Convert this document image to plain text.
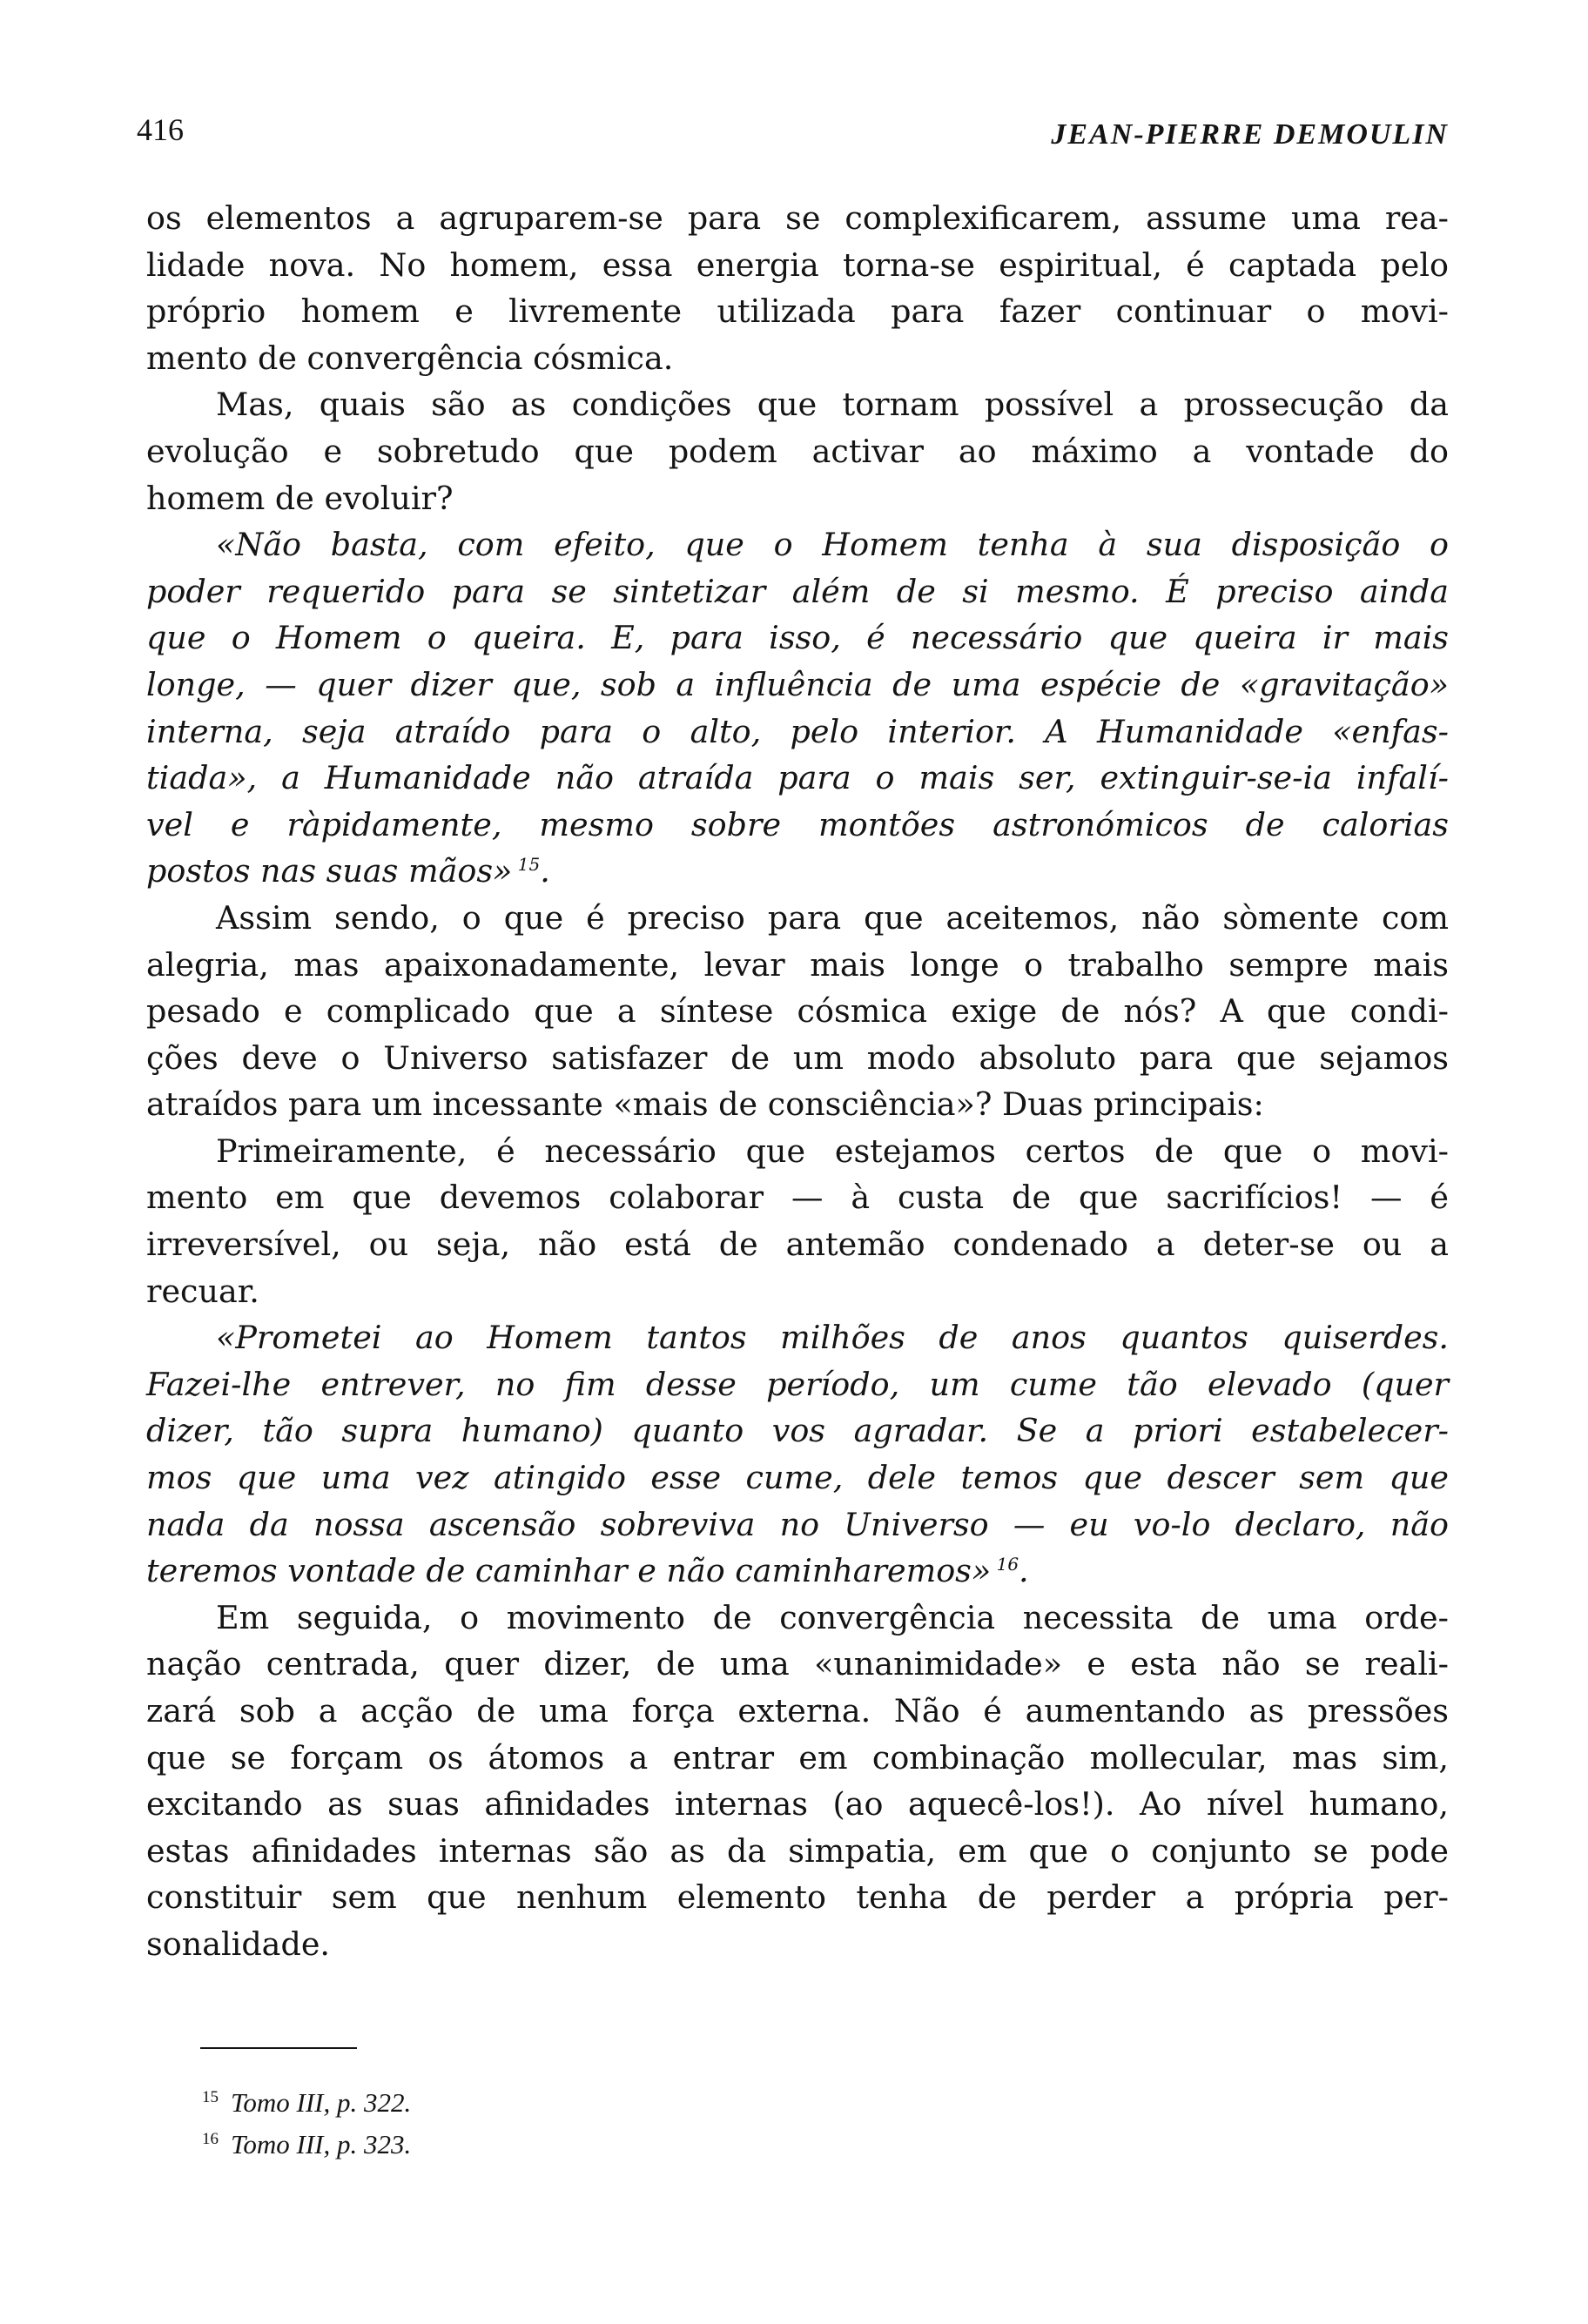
416	JEAN-PIERRE DEMOULIN
os elementos a agruparem-se para se complexificarem, assume uma rea-
lidade nova. No homem, essa energia torna-se espiritual, é captada pelo
próprio homem e livremente utilizada para fazer continuar o movi-
mento de convergência cósmica.
Mas, quais são as condições que tornam possível a prossecução da
evolução e sobretudo que podem activar ao máximo a vontade do
homem de evoluir?
«Não basta, com efeito, que o Homem tenha à sua disposição o
poder requerido para se sintetizar além de si mesmo. É preciso ainda
que o Homem o queira. E, para isso, é necessário que queira ir mais
longe, — quer dizer que, sob a influência de uma espécie de «gravitação»
interna, seja atraído para o alto, pelo interior. A Humanidade «enfas-
tiada», a Humanidade não atraída para o mais ser, extinguir-se-ia infalí-
vel e ràpidamente, mesmo sobre montões astronómicos de calorias
postos nas suas mãos» $^{15}$.
Assim sendo, o que é preciso para que aceitemos, não sòmente com
alegria, mas apaixonadamente, levar mais longe o trabalho sempre mais
pesado e complicado que a síntese cósmica exige de nós? A que condi-
ções deve o Universo satisfazer de um modo absoluto para que sejamos
atraídos para um incessante «mais de consciência»? Duas principais:
Primeiramente, é necessário que estejamos certos de que o movi-
mento em que devemos colaborar — à custa de que sacrifícios! — é
irreversível, ou seja, não está de antemão condenado a deter-se ou a
recuar.
«Prometei ao Homem tantos milhões de anos quantos quiserdes.
Fazei-lhe entrever, no fim desse período, um cume tão elevado (quer
dizer, tão supra humano) quanto vos agradar. Se a priori estabelecer-
mos que uma vez atingido esse cume, dele temos que descer sem que
nada da nossa ascensão sobreviva no Universo — eu vo-lo declaro, não
teremos vontade de caminhar e não caminharemos» $^{16}$.
Em seguida, o movimento de convergência necessita de uma orde-
nação centrada, quer dizer, de uma «unanimidade» e esta não se reali-
zará sob a acção de uma força externa. Não é aumentando as pressões
que se forçam os átomos a entrar em combinação mollecular, mas sim,
excitando as suas afinidades internas (ao aquecê-los!). Ao nível humano,
estas afinidades internas são as da simpatia, em que o conjunto se pode
constituir sem que nenhum elemento tenha de perder a própria per-
sonalidade.
$^{15}$ Tomo III, p. 322.
$^{16}$ Tomo III, p. 323.
